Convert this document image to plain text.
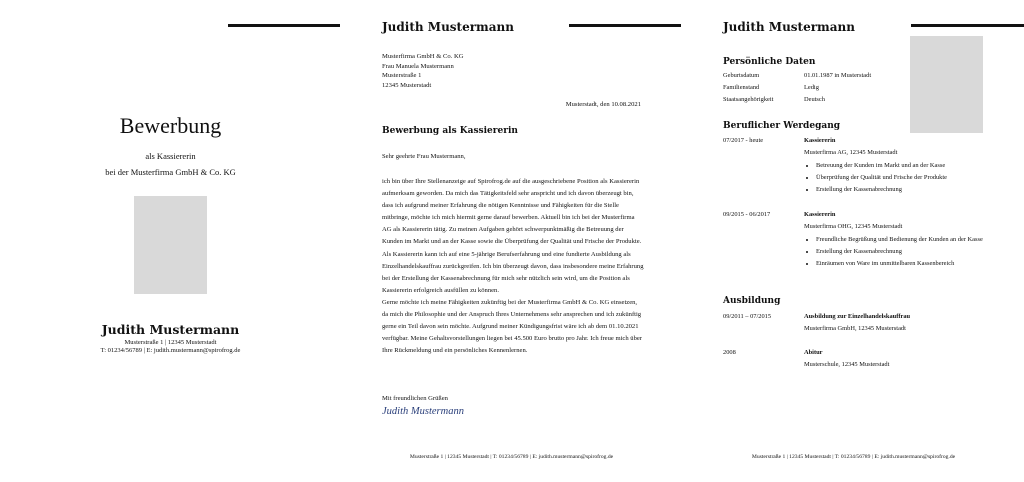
Bewerbung
als Kassiererin
bei der Musterfirma GmbH & Co. KG
Judith Mustermann
Musterstraße 1 | 12345 Musterstadt
T: 01234/56789 | E: judith.mustermann@spirofrog.de
Judith Mustermann
Musterfirma GmbH & Co. KG
Frau Manuela Mustermann
Musterstraße 1
12345 Musterstadt
Musterstadt, den 10.08.2021
Bewerbung als Kassiererin
Sehr geehrte Frau Mustermann,

ich bin über Ihre Stellenanzeige auf Spirofrog.de auf die ausgeschriebene Position als Kassiererin aufmerksam geworden. Da mich das Tätigkeitsfeld sehr anspricht und ich davon überzeugt bin, dass ich aufgrund meiner Erfahrung die nötigen Kenntnisse und Fähigkeiten für die Stelle mitbringe, möchte ich mich hiermit gerne darauf bewerben. Aktuell bin ich bei der Musterfirma AG als Kassiererin tätig. Zu meinen Aufgaben gehört schwerpunktmäßig die Betreuung der Kunden im Markt und an der Kasse sowie die Überprüfung der Qualität und Frische der Produkte. Als Kassiererin kann ich auf eine 5-jährige Berufserfahrung und eine fundierte Ausbildung als Einzelhandelskauffrau zurückgreifen. Ich bin überzeugt davon, dass insbesondere meine Erfahrung bei der Erstellung der Kassenabrechnung für mich sehr nützlich sein wird, um die Position als Kassiererin erfolgreich ausfüllen zu können.

Gerne möchte ich meine Fähigkeiten zukünftig bei der Musterfirma GmbH & Co. KG einsetzen, da mich die Philosophie und der Anspruch Ihres Unternehmens sehr ansprechen und ich zukünftig gerne ein Teil davon sein möchte. Aufgrund meiner Kündigungsfrist wäre ich ab dem 01.10.2021 verfügbar. Meine Gehaltsvorstellungen liegen bei 45.500 Euro brutto pro Jahr. Ich freue mich über Ihre Rückmeldung und ein persönliches Kennenlernen.

Mit freundlichen Grüßen
Judith Mustermann
Musterstraße 1 | 12345 Musterstadt | T: 01234/56789 | E: judith.mustermann@spirofrog.de
Judith Mustermann
Persönliche Daten
Geburtsdatum	01.01.1987 in Musterstadt
Familienstand	Ledig
Staatsangehörigkeit	Deutsch
Beruflicher Werdegang
07/2017 - heute	Kassiererin
Musterfirma AG, 12345 Musterstadt
• Betreuung der Kunden im Markt und an der Kasse
• Überprüfung der Qualität und Frische der Produkte
• Erstellung der Kassenabrechnung
09/2015 - 06/2017	Kassiererin
Musterfirma OHG, 12345 Musterstadt
• Freundliche Begrüßung und Bedienung der Kunden an der Kasse
• Erstellung der Kassenabrechnung
• Einräumen von Ware im unmittelbaren Kassenbereich
Ausbildung
09/2011 – 07/2015	Ausbildung zur Einzelhandelskauffrau
Musterfirma GmbH, 12345 Musterstadt
2008	Abitur
Musterschule, 12345 Musterstadt
Musterstraße 1 | 12345 Musterstadt | T: 01234/56789 | E: judith.mustermann@spirofrog.de
